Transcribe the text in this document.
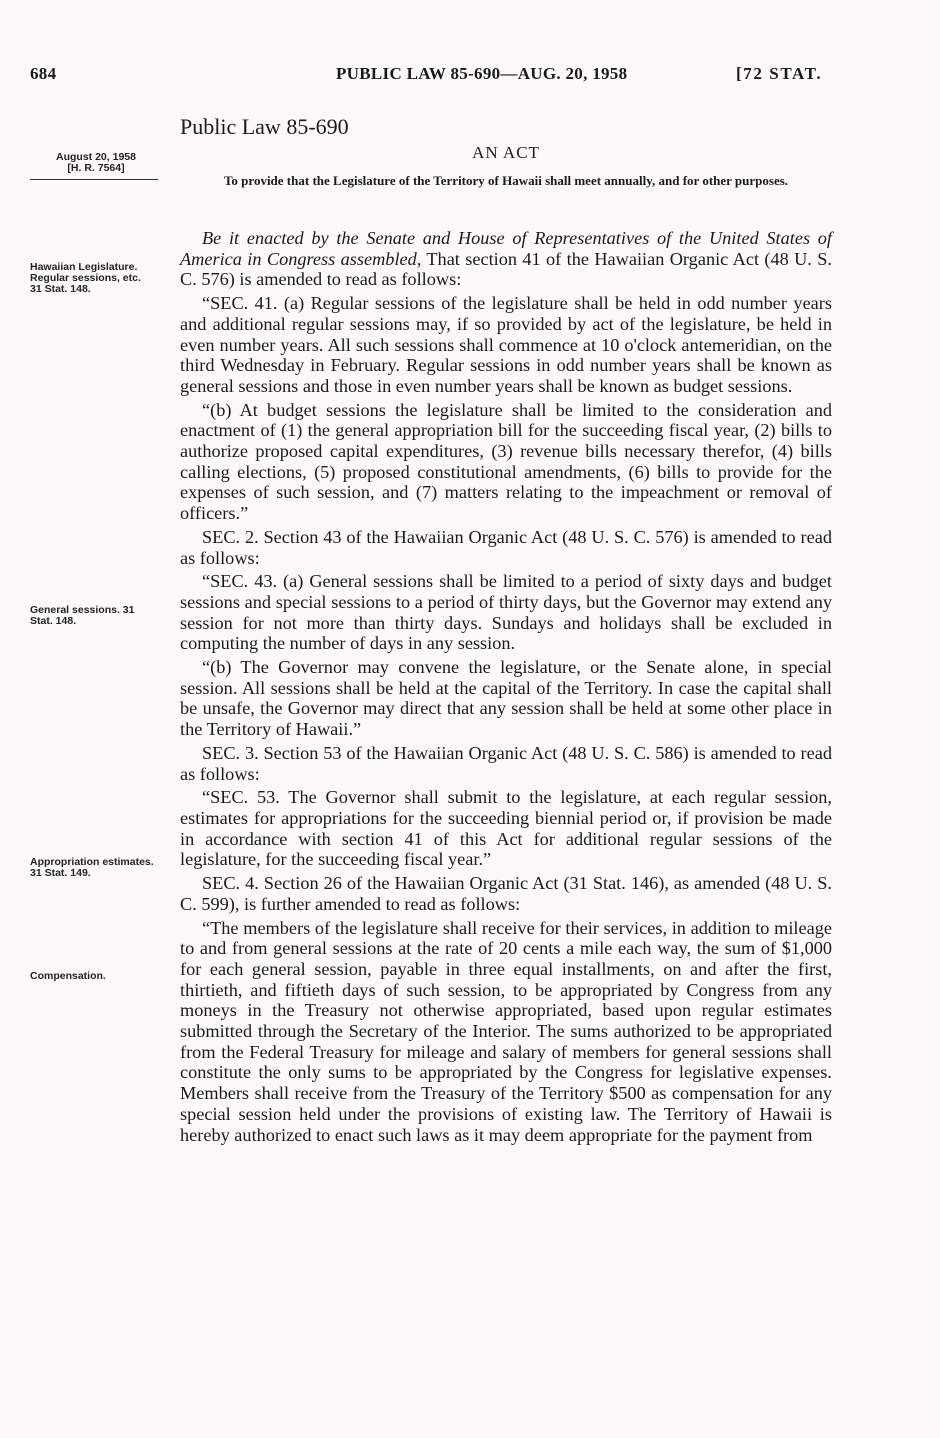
684	PUBLIC LAW 85-690—AUG. 20, 1958	[72 STAT.
Public Law 85-690
AN ACT
To provide that the Legislature of the Territory of Hawaii shall meet annually, and for other purposes.
August 20, 1958
[H. R. 7564]
Hawaiian Legislature. Regular sessions, etc. 31 Stat. 148.
General sessions. 31 Stat. 148.
Appropriation estimates. 31 Stat. 149.
Compensation.

Be it enacted by the Senate and House of Representatives of the United States of America in Congress assembled, That section 41 of the Hawaiian Organic Act (48 U. S. C. 576) is amended to read as follows:

“SEC. 41. (a) Regular sessions of the legislature shall be held in odd number years and additional regular sessions may, if so provided by act of the legislature, be held in even number years. All such sessions shall commence at 10 o'clock antemeridian, on the third Wednesday in February. Regular sessions in odd number years shall be known as general sessions and those in even number years shall be known as budget sessions.

“(b) At budget sessions the legislature shall be limited to the consideration and enactment of (1) the general appropriation bill for the succeeding fiscal year, (2) bills to authorize proposed capital expenditures, (3) revenue bills necessary therefor, (4) bills calling elections, (5) proposed constitutional amendments, (6) bills to provide for the expenses of such session, and (7) matters relating to the impeachment or removal of officers.”

SEC. 2. Section 43 of the Hawaiian Organic Act (48 U. S. C. 576) is amended to read as follows:

“SEC. 43. (a) General sessions shall be limited to a period of sixty days and budget sessions and special sessions to a period of thirty days, but the Governor may extend any session for not more than thirty days. Sundays and holidays shall be excluded in computing the number of days in any session.

“(b) The Governor may convene the legislature, or the Senate alone, in special session. All sessions shall be held at the capital of the Territory. In case the capital shall be unsafe, the Governor may direct that any session shall be held at some other place in the Territory of Hawaii.”

SEC. 3. Section 53 of the Hawaiian Organic Act (48 U. S. C. 586) is amended to read as follows:

“SEC. 53. The Governor shall submit to the legislature, at each regular session, estimates for appropriations for the succeeding biennial period or, if provision be made in accordance with section 41 of this Act for additional regular sessions of the legislature, for the succeeding fiscal year.”

SEC. 4. Section 26 of the Hawaiian Organic Act (31 Stat. 146), as amended (48 U. S. C. 599), is further amended to read as follows:

“The members of the legislature shall receive for their services, in addition to mileage to and from general sessions at the rate of 20 cents a mile each way, the sum of $1,000 for each general session, payable in three equal installments, on and after the first, thirtieth, and fiftieth days of such session, to be appropriated by Congress from any moneys in the Treasury not otherwise appropriated, based upon regular estimates submitted through the Secretary of the Interior. The sums authorized to be appropriated from the Federal Treasury for mileage and salary of members for general sessions shall constitute the only sums to be appropriated by the Congress for legislative expenses. Members shall receive from the Treasury of the Territory $500 as compensation for any special session held under the provisions of existing law. The Territory of Hawaii is hereby authorized to enact such laws as it may deem appropriate for the payment from
